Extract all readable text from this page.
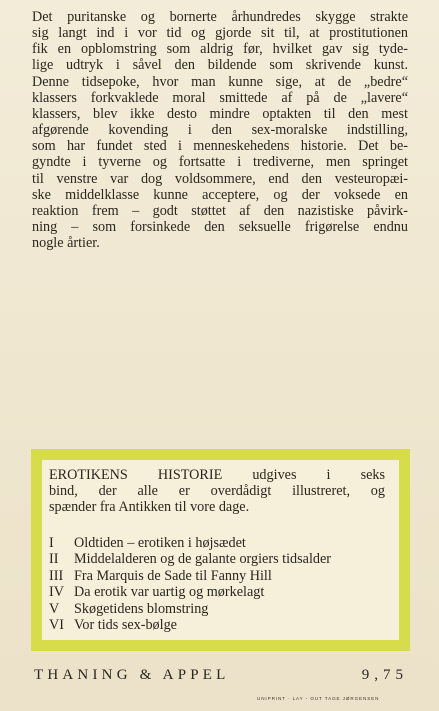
Det puritanske og bornerte århundredes skygge strakte
sig langt ind i vor tid og gjorde sit til, at prostitutionen
fik en opblomstring som aldrig før, hvilket gav sig tyde-
lige udtryk i såvel den bildende som skrivende kunst.
Denne tidsepoke, hvor man kunne sige, at de „bedre“
klassers forkvaklede moral smittede af på de „lavere“
klassers, blev ikke desto mindre optakten til den mest
afgørende kovending i den sex-moralske indstilling,
som har fundet sted i menneskehedens historie. Det be-
gyndte i tyverne og fortsatte i trediverne, men springet
til venstre var dog voldsommere, end den vesteuropæi-
ske middelklasse kunne acceptere, og der voksede en
reaktion frem – godt støttet af den nazistiske påvirk-
ning – som forsinkede den seksuelle frigørelse endnu
nogle årtier.

EROTIKENS HISTORIE udgives i seks
bind, der alle er overdådigt illustreret, og
spænder fra Antikken til vore dage.

I	Oldtiden – erotiken i højsædet
II	Middelalderen og de galante orgiers tidsalder
III Fra Marquis de Sade til Fanny Hill
IV Da erotik var uartig og mørkelagt
V	Skøgetidens blomstring
VI Vor tids sex-bølge
THANING & APPEL	9,75
UNIPRINT · LAY - OUT TAGE JØRGENSEN
